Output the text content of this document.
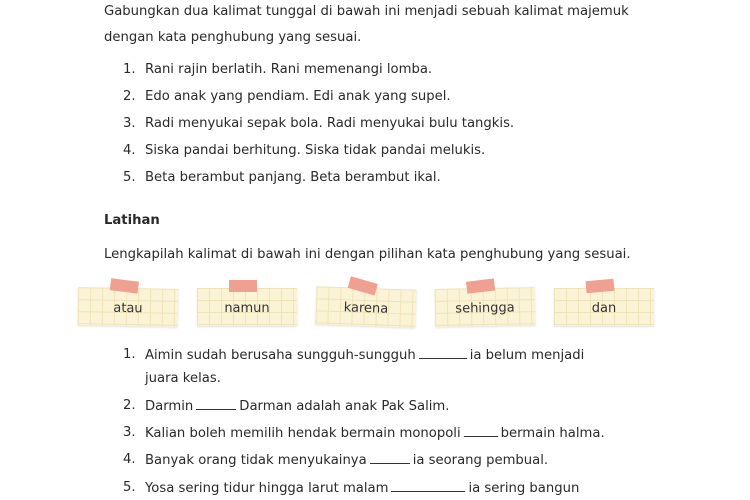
Gabungkan dua kalimat tunggal di bawah ini menjadi sebuah kalimat majemuk
dengan kata penghubung yang sesuai.
1. Rani rajin berlatih. Rani memenangi lomba.
2. Edo anak yang pendiam. Edi anak yang supel.
3. Radi menyukai sepak bola. Radi menyukai bulu tangkis.
4. Siska pandai berhitung. Siska tidak pandai melukis.
5. Beta berambut panjang. Beta berambut ikal.
Latihan
Lengkapilah kalimat di bawah ini dengan pilihan kata penghubung yang sesuai.
atau	namun	karena	sehingga	dan
1. Aimin sudah berusaha sungguh-sungguh	ia belum menjadi
juara kelas.
2. Darmin	Darman adalah anak Pak Salim.
3. Kalian boleh memilih hendak bermain monopoli	bermain halma.
4. Banyak orang tidak menyukainya	ia seorang pembual.
5. Yosa sering tidur hingga larut malam	ia sering bangun
